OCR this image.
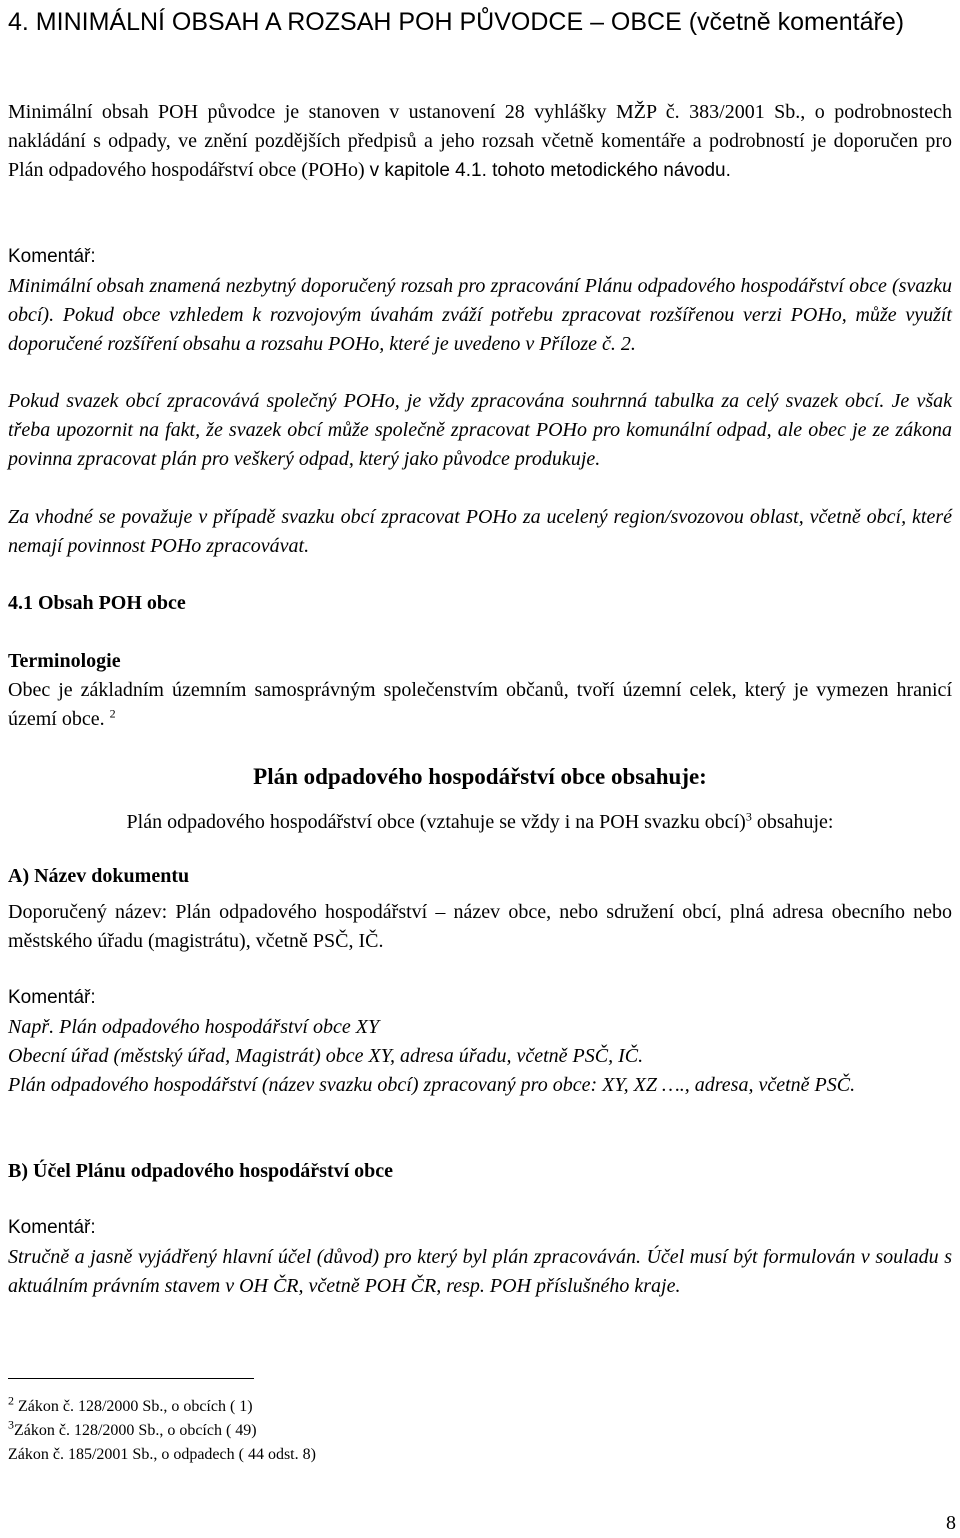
4. MINIMÁLNÍ OBSAH A ROZSAH POH PŮVODCE – OBCE (včetně komentáře)

Minimální obsah POH původce je stanoven v ustanovení 28 vyhlášky MŽP č. 383/2001 Sb., o podrobnostech nakládání s odpady, ve znění pozdějších předpisů a jeho rozsah včetně komentáře a podrobností je doporučen pro Plán odpadového hospodářství obce (POHo) v kapitole 4.1. tohoto metodického návodu.

Komentář:

Minimální obsah znamená nezbytný doporučený rozsah pro zpracování Plánu odpadového hospodářství obce (svazku obcí). Pokud obce vzhledem k rozvojovým úvahám zváží potřebu zpracovat rozšířenou verzi POHo, může využít doporučené rozšíření obsahu a rozsahu POHo, které je uvedeno v Příloze č. 2.

Pokud svazek obcí zpracovává společný POHo, je vždy zpracována souhrnná tabulka za celý svazek obcí. Je však třeba upozornit na fakt, že svazek obcí může společně zpracovat POHo pro komunální odpad, ale obec je ze zákona povinna zpracovat plán pro veškerý odpad, který jako původce produkuje.

Za vhodné se považuje v případě svazku obcí zpracovat POHo za ucelený region/svozovou oblast, včetně obcí, které nemají povinnost POHo zpracovávat.

4.1 Obsah POH obce
Terminologie

Obec je základním územním samosprávným společenstvím občanů, tvoří územní celek, který je vymezen hranicí území obce. $^2$

Plán odpadového hospodářství obce obsahuje:

Plán odpadového hospodářství obce (vztahuje se vždy i na POH svazku obcí)$^3$ obsahuje:

A) Název dokumentu

Doporučený název: Plán odpadového hospodářství – název obce, nebo sdružení obcí, plná adresa obecního nebo městského úřadu (magistrátu), včetně PSČ, IČ.

Komentář:
Např. Plán odpadového hospodářství obce XY
Obecní úřad (městský úřad, Magistrát) obce XY, adresa úřadu, včetně PSČ, IČ.

Plán odpadového hospodářství (název svazku obcí) zpracovaný pro obce: XY, XZ …., adresa, včetně PSČ.

B) Účel Plánu odpadového hospodářství obce
Komentář:

Stručně a jasně vyjádřený hlavní účel (důvod) pro který byl plán zpracováván. Účel musí být formulován v souladu s aktuálním právním stavem v OH ČR, včetně POH ČR, resp. POH příslušného kraje.

$^2$ Zákon č. 128/2000 Sb., o obcích ( 1)
$^3$Zákon č. 128/2000 Sb., o obcích ( 49)
Zákon č. 185/2001 Sb., o odpadech ( 44 odst. 8)
8
